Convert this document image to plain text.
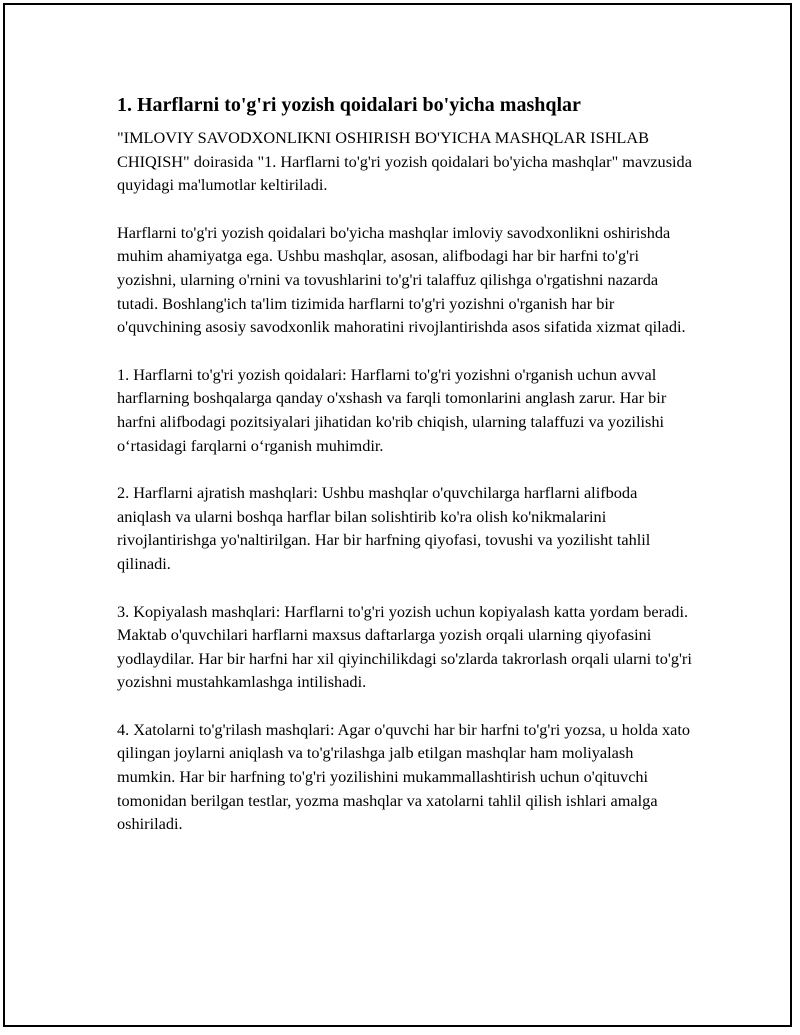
1. Harflarni to'g'ri yozish qoidalari bo'yicha mashqlar

"IMLOVIY SAVODXONLIKNI OSHIRISH BO'YICHA MASHQLAR ISHLAB CHIQISH" doirasida "1. Harflarni to'g'ri yozish qoidalari bo'yicha mashqlar" mavzusida quyidagi ma'lumotlar keltiriladi.

Harflarni to'g'ri yozish qoidalari bo'yicha mashqlar imloviy savodxonlikni oshirishda muhim ahamiyatga ega. Ushbu mashqlar, asosan, alifbodagi har bir harfni to'g'ri yozishni, ularning o'rnini va tovushlarini to'g'ri talaffuz qilishga o'rgatishni nazarda tutadi. Boshlang'ich ta'lim tizimida harflarni to'g'ri yozishni o'rganish har bir o'quvchining asosiy savodxonlik mahoratini rivojlantirishda asos sifatida xizmat qiladi.

1. Harflarni to'g'ri yozish qoidalari: Harflarni to'g'ri yozishni o'rganish uchun avval harflarning boshqalarga qanday o'xshash va farqli tomonlarini anglash zarur. Har bir harfni alifbodagi pozitsiyalari jihatidan ko'rib chiqish, ularning talaffuzi va yozilishi o‘rtasidagi farqlarni o‘rganish muhimdir.

2. Harflarni ajratish mashqlari: Ushbu mashqlar o'quvchilarga harflarni alifboda aniqlash va ularni boshqa harflar bilan solishtirib ko'ra olish ko'nikmalarini rivojlantirishga yo'naltirilgan. Har bir harfning qiyofasi, tovushi va yozilisht tahlil qilinadi.

3. Kopiyalash mashqlari: Harflarni to'g'ri yozish uchun kopiyalash katta yordam beradi. Maktab o'quvchilari harflarni maxsus daftarlarga yozish orqali ularning qiyofasini yodlaydilar. Har bir harfni har xil qiyinchilikdagi so'zlarda takrorlash orqali ularni to'g'ri yozishni mustahkamlashga intilishadi.

4. Xatolarni to'g'rilash mashqlari: Agar o'quvchi har bir harfni to'g'ri yozsa, u holda xato qilingan joylarni aniqlash va to'g'rilashga jalb etilgan mashqlar ham moliyalash mumkin. Har bir harfning to'g'ri yozilishini mukammallashtirish uchun o'qituvchi tomonidan berilgan testlar, yozma mashqlar va xatolarni tahlil qilish ishlari amalga oshiriladi.
